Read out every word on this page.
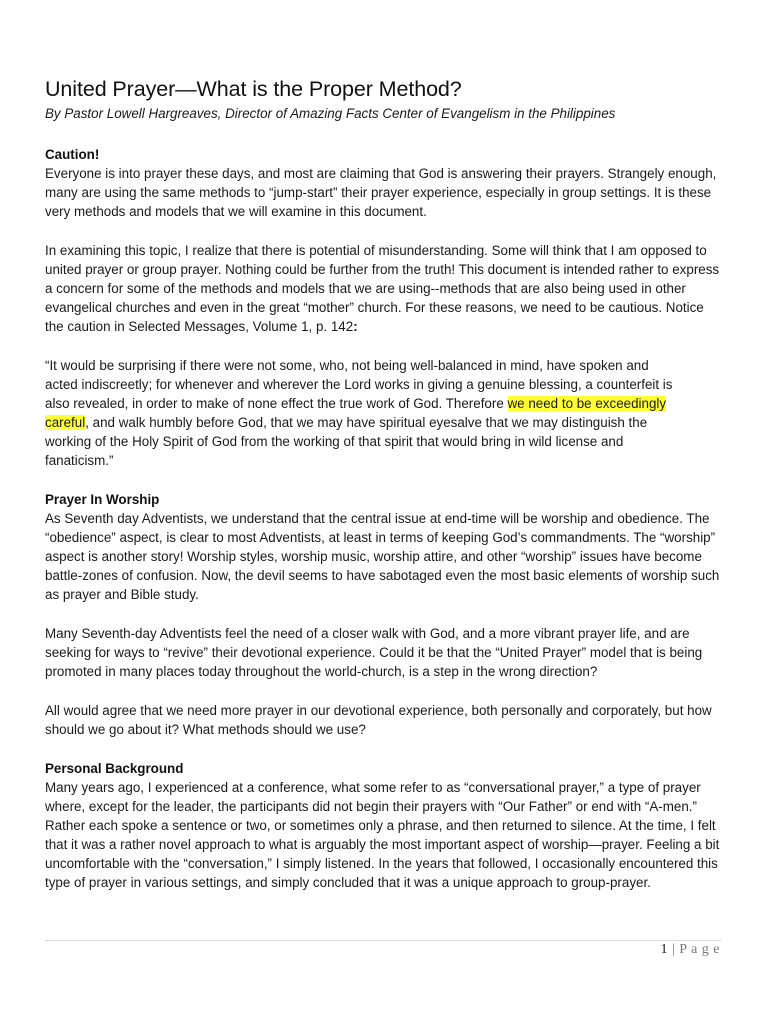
United Prayer—What is the Proper Method?
By Pastor Lowell Hargreaves, Director of Amazing Facts Center of Evangelism in the Philippines
Caution!

Everyone is into prayer these days, and most are claiming that God is answering their prayers. Strangely enough, many are using the same methods to “jump-start” their prayer experience, especially in group settings. It is these very methods and models that we will examine in this document.

In examining this topic, I realize that there is potential of misunderstanding. Some will think that I am opposed to united prayer or group prayer. Nothing could be further from the truth! This document is intended rather to express a concern for some of the methods and models that we are using--methods that are also being used in other evangelical churches and even in the great “mother” church. For these reasons, we need to be cautious. Notice the caution in Selected Messages, Volume 1, p. 142:

“It would be surprising if there were not some, who, not being well-balanced in mind, have spoken and acted indiscreetly; for whenever and wherever the Lord works in giving a genuine blessing, a counterfeit is also revealed, in order to make of none effect the true work of God. Therefore we need to be exceedingly careful, and walk humbly before God, that we may have spiritual eyesalve that we may distinguish the working of the Holy Spirit of God from the working of that spirit that would bring in wild license and fanaticism.”

Prayer In Worship

As Seventh day Adventists, we understand that the central issue at end-time will be worship and obedience. The “obedience” aspect, is clear to most Adventists, at least in terms of keeping God’s commandments. The “worship” aspect is another story! Worship styles, worship music, worship attire, and other “worship” issues have become battle-zones of confusion. Now, the devil seems to have sabotaged even the most basic elements of worship such as prayer and Bible study.

Many Seventh-day Adventists feel the need of a closer walk with God, and a more vibrant prayer life, and are seeking for ways to “revive” their devotional experience. Could it be that the “United Prayer” model that is being promoted in many places today throughout the world-church, is a step in the wrong direction?

All would agree that we need more prayer in our devotional experience, both personally and corporately, but how should we go about it? What methods should we use?

Personal Background

Many years ago, I experienced at a conference, what some refer to as “conversational prayer,” a type of prayer where, except for the leader, the participants did not begin their prayers with “Our Father” or end with “A-men.” Rather each spoke a sentence or two, or sometimes only a phrase, and then returned to silence. At the time, I felt that it was a rather novel approach to what is arguably the most important aspect of worship—prayer. Feeling a bit uncomfortable with the “conversation,” I simply listened. In the years that followed, I occasionally encountered this type of prayer in various settings, and simply concluded that it was a unique approach to group-prayer.

1 | P a g e
